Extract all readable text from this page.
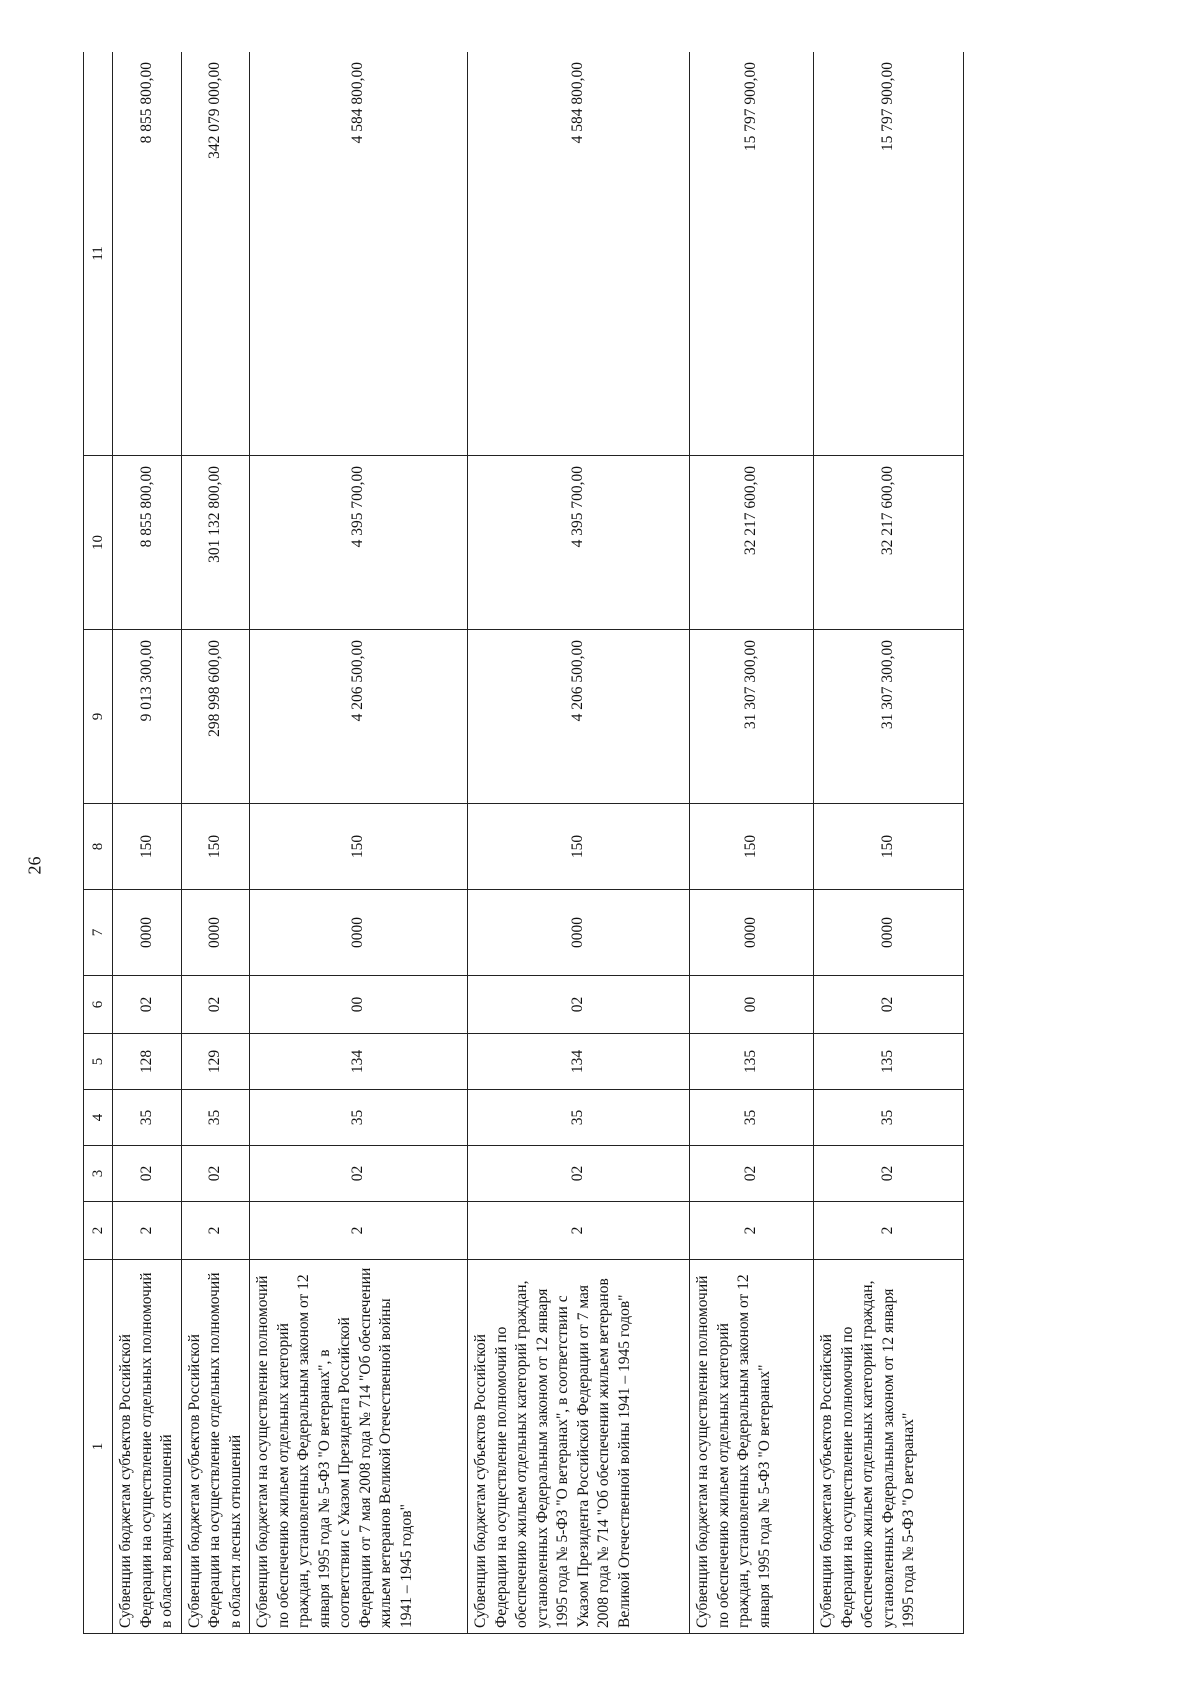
26
1	2	3	4	5	6	7	8	9	10	11
Субвенции бюджетам субъектов Российской Федерации на осуществление отдельных полномочий в области водных отношений	2	02	35	128	02	0000	150	9 013 300,00	8 855 800,00	8 855 800,00
Субвенции бюджетам субъектов Российской Федерации на осуществление отдельных полномочий в области лесных отношений	2	02	35	129	02	0000	150	298 998 600,00	301 132 800,00	342 079 000,00
Субвенции бюджетам на осуществление полномочий по обеспечению жильем отдельных категорий граждан, установленных Федеральным законом от 12 января 1995 года № 5-ФЗ "О ветеранах", в соответствии с Указом Президента Российской Федерации от 7 мая 2008 года № 714 "Об обеспечении жильем ветеранов Великой Отечественной войны 1941 – 1945 годов"	2	02	35	134	00	0000	150	4 206 500,00	4 395 700,00	4 584 800,00
Субвенции бюджетам субъектов Российской Федерации на осуществление полномочий по обеспечению жильем отдельных категорий граждан, установленных Федеральным законом от 12 января 1995 года № 5-ФЗ "О ветеранах", в соответствии с Указом Президента Российской Федерации от 7 мая 2008 года № 714 "Об обеспечении жильем ветеранов Великой Отечественной войны 1941 – 1945 годов"	2	02	35	134	02	0000	150	4 206 500,00	4 395 700,00	4 584 800,00
Субвенции бюджетам на осуществление полномочий по обеспечению жильем отдельных категорий граждан, установленных Федеральным законом от 12 января 1995 года № 5-ФЗ "О ветеранах"	2	02	35	135	00	0000	150	31 307 300,00	32 217 600,00	15 797 900,00
Субвенции бюджетам субъектов Российской Федерации на осуществление полномочий по обеспечению жильем отдельных категорий граждан, установленных Федеральным законом от 12 января 1995 года № 5-ФЗ "О ветеранах"	2	02	35	135	02	0000	150	31 307 300,00	32 217 600,00	15 797 900,00
